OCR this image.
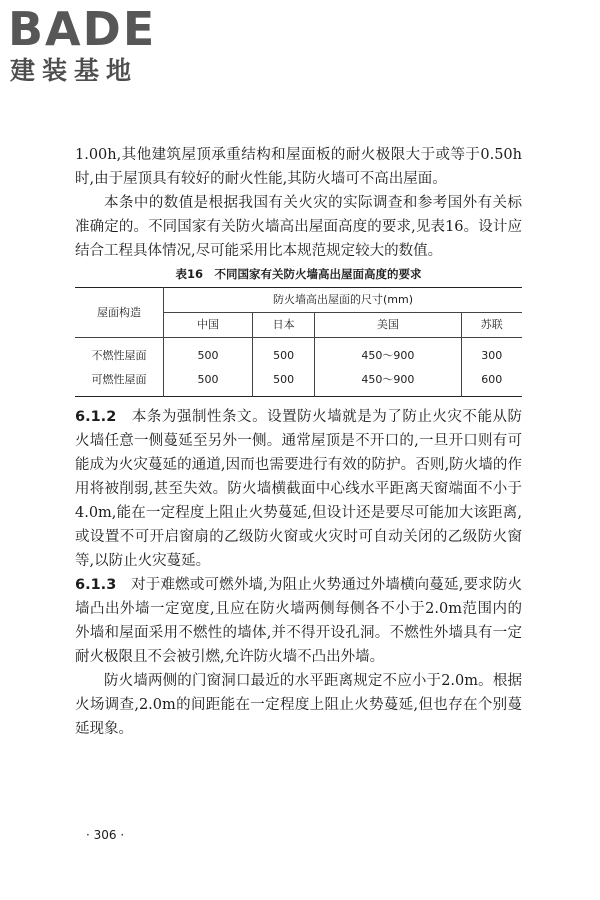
BADE
建装基地

1.00h,其他建筑屋顶承重结构和屋面板的耐火极限大于或等于0.50h时,由于屋顶具有较好的耐火性能,其防火墙可不高出屋面。

本条中的数值是根据我国有关火灾的实际调查和参考国外有关标准确定的。不同国家有关防火墙高出屋面高度的要求,见表16。设计应结合工程具体情况,尽可能采用比本规范规定较大的数值。

表16　不同国家有关防火墙高出屋面高度的要求
屋面构造	防火墙高出屋面的尺寸(mm)			
	中国	日本	美国	苏联
不燃性屋面	500	500	450～900	300
可燃性屋面	500	500	450～900	600

6.1.2　 本条为强制性条文。设置防火墙就是为了防止火灾不能从防火墙任意一侧蔓延至另外一侧。通常屋顶是不开口的,一旦开口则有可能成为火灾蔓延的通道,因而也需要进行有效的防护。否则,防火墙的作用将被削弱,甚至失效。防火墙横截面中心线水平距离天窗端面不小于4.0m,能在一定程度上阻止火势蔓延,但设计还是要尽可能加大该距离,或设置不可开启窗扇的乙级防火窗或火灾时可自动关闭的乙级防火窗等,以防止火灾蔓延。

6.1.3　 对于难燃或可燃外墙,为阻止火势通过外墙横向蔓延,要求防火墙凸出外墙一定宽度,且应在防火墙两侧每侧各不小于2.0m范围内的外墙和屋面采用不燃性的墙体,并不得开设孔洞。不燃性外墙具有一定耐火极限且不会被引燃,允许防火墙不凸出外墙。

防火墙两侧的门窗洞口最近的水平距离规定不应小于2.0m。根据火场调查,2.0m的间距能在一定程度上阻止火势蔓延,但也存在个别蔓延现象。

· 306 ·
